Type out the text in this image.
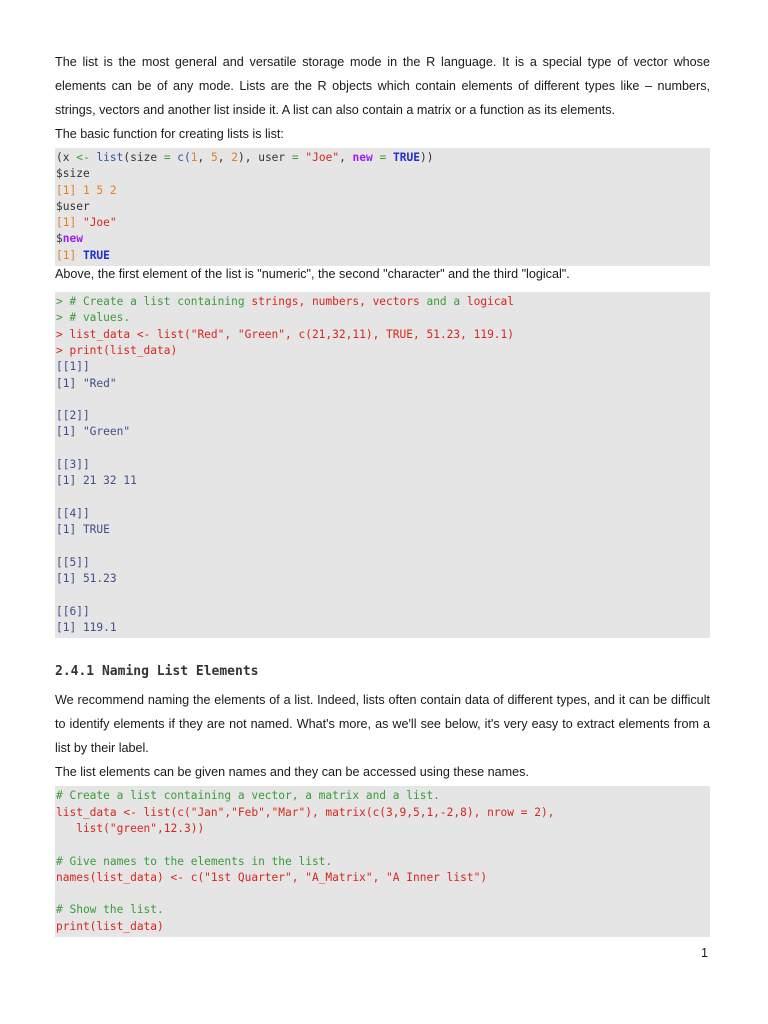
The list is the most general and versatile storage mode in the R language. It is a special type of vector whose elements can be of any mode. Lists are the R objects which contain elements of different types like – numbers, strings, vectors and another list inside it. A list can also contain a matrix or a function as its elements.

The basic function for creating lists is list:

(x <- list(size = c(1, 5, 2), user = "Joe", new = TRUE))
$size
[1] 1 5 2
$user
[1] "Joe"
$new
[1] TRUE

Above, the first element of the list is "numeric", the second "character" and the third "logical".

> # Create a list containing strings, numbers, vectors and a logical
> # values.
> list_data <- list("Red", "Green", c(21,32,11), TRUE, 51.23, 119.1)
> print(list_data)
[[1]]
[1] "Red"
[[2]]
[1] "Green"
[[3]]
[1] 21 32 11
[[4]]
[1] TRUE
[[5]]
[1] 51.23
[[6]]
[1] 119.1
2.4.1 Naming List Elements

We recommend naming the elements of a list. Indeed, lists often contain data of different types, and it can be difficult to identify elements if they are not named. What's more, as we'll see below, it's very easy to extract elements from a list by their label.

The list elements can be given names and they can be accessed using these names.

# Create a list containing a vector, a matrix and a list.
list_data <- list(c("Jan","Feb","Mar"), matrix(c(3,9,5,1,-2,8), nrow = 2),
list("green",12.3))
# Give names to the elements in the list.
names(list_data) <- c("1st Quarter", "A_Matrix", "A Inner list")
# Show the list.
print(list_data)
1
